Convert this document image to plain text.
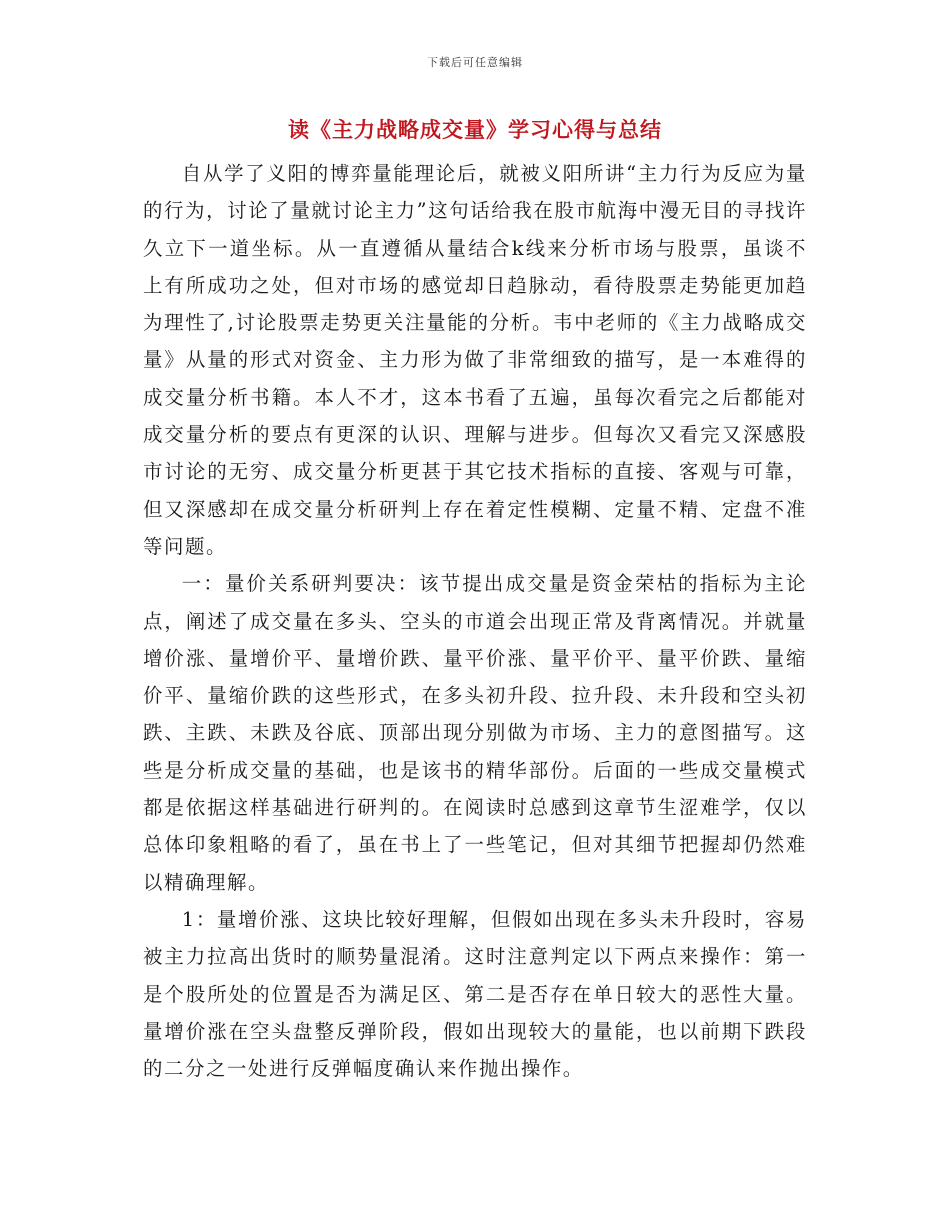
下载后可任意编辑
读《主力战略成交量》学习心得与总结

自从学了义阳的博弈量能理论后，就被义阳所讲“主力行为反应为量的行为，讨论了量就讨论主力”这句话给我在股市航海中漫无目的寻找许久立下一道坐标。从一直遵循从量结合k线来分析市场与股票，虽谈不上有所成功之处，但对市场的感觉却日趋脉动，看待股票走势能更加趋为理性了,讨论股票走势更关注量能的分析。韦中老师的《主力战略成交量》从量的形式对资金、主力形为做了非常细致的描写，是一本难得的成交量分析书籍。本人不才，这本书看了五遍，虽每次看完之后都能对成交量分析的要点有更深的认识、理解与进步。但每次又看完又深感股市讨论的无穷、成交量分析更甚于其它技术指标的直接、客观与可靠，但又深感却在成交量分析研判上存在着定性模糊、定量不精、定盘不准等问题。

一：量价关系研判要决：该节提出成交量是资金荣枯的指标为主论点，阐述了成交量在多头、空头的市道会出现正常及背离情况。并就量增价涨、量增价平、量增价跌、量平价涨、量平价平、量平价跌、量缩价平、量缩价跌的这些形式，在多头初升段、拉升段、未升段和空头初跌、主跌、未跌及谷底、顶部出现分别做为市场、主力的意图描写。这些是分析成交量的基础，也是该书的精华部份。后面的一些成交量模式都是依据这样基础进行研判的。在阅读时总感到这章节生涩难学，仅以总体印象粗略的看了，虽在书上了一些笔记，但对其细节把握却仍然难以精确理解。

1：量增价涨、这块比较好理解，但假如出现在多头未升段时，容易被主力拉高出货时的顺势量混淆。这时注意判定以下两点来操作：第一是个股所处的位置是否为满足区、第二是否存在单日较大的恶性大量。量增价涨在空头盘整反弹阶段，假如出现较大的量能，也以前期下跌段的二分之一处进行反弹幅度确认来作抛出操作。
